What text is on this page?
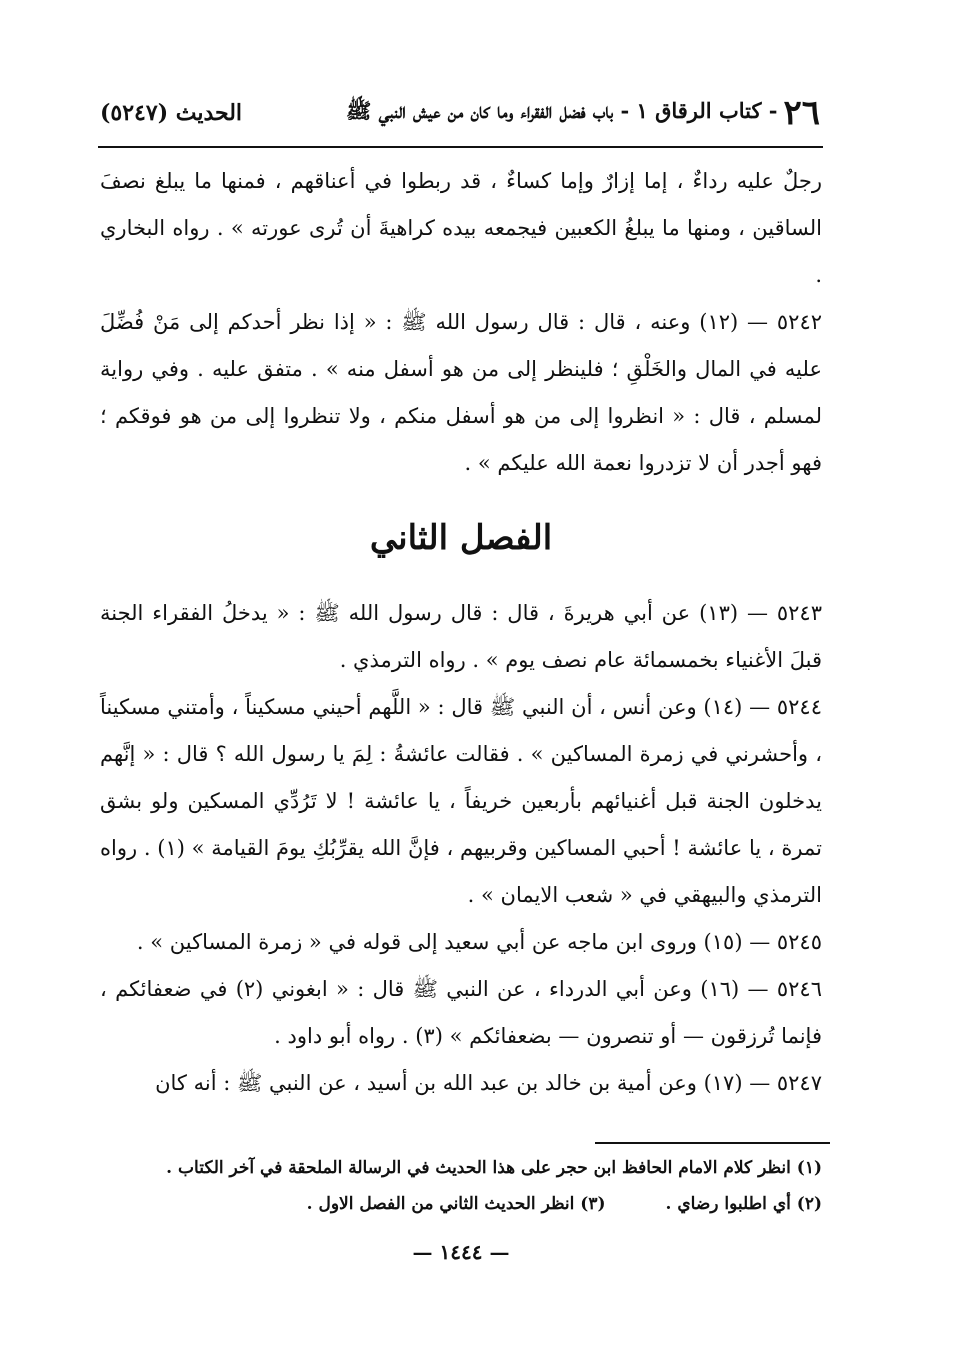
٢٦
- كتاب الرقاق ١ - باب فضل الفقراء وما كان من عيش النبي ﷺ
الحديث (٥٢٤٧)

رجلٌ عليه رداءٌ ، إما إزارٌ وإما كساءٌ ، قد ربطوا في أعناقهم ، فمنها ما يبلغ نصفَ الساقين ، ومنها ما يبلغُ الكعبين فيجمعه بيده كراهيةَ أن تُرى عورته » . رواه البخاري .

٥٢٤٢ — (١٢) وعنه ، قال : قال رسول الله ﷺ : « إذا نظر أحدكم إلى مَنْ فُضِّلَ عليه في المال والخَلْقِ ؛ فلينظر إلى من هو أسفل منه » . متفق عليه . وفي رواية لمسلم ، قال : « انظروا إلى من هو أسفل منكم ، ولا تنظروا إلى من هو فوقكم ؛ فهو أجدر أن لا تزدروا نعمة الله عليكم » .

الفصل الثاني

٥٢٤٣ — (١٣) عن أبي هريرةَ ، قال : قال رسول الله ﷺ : « يدخلُ الفقراء الجنة قبلَ الأغنياء بخمسمائة عام نصف يوم » . رواه الترمذي .

٥٢٤٤ — (١٤) وعن أنس ، أن النبي ﷺ قال : « اللَّهم أحيني مسكيناً ، وأمتني مسكيناً ، وأحشرني في زمرة المساكين » . فقالت عائشةُ : لِمَ يا رسول الله ؟ قال : « إنَّهم يدخلون الجنة قبل أغنيائهم بأربعين خريفاً ، يا عائشة ! لا تَرُدِّي المسكين ولو بشق تمرة ، يا عائشة ! أحبي المساكين وقربيهم ، فإنَّ الله يقرِّبُكِ يومَ القيامة » (١) . رواه الترمذي والبيهقي في « شعب الايمان » .

٥٢٤٥ — (١٥) وروى ابن ماجه عن أبي سعيد إلى قوله في « زمرة المساكين » .

٥٢٤٦ — (١٦) وعن أبي الدرداء ، عن النبي ﷺ قال : « ابغوني (٢) في ضعفائكم ، فإنما تُرزقون — أو تنصرون — بضعفائكم » (٣) . رواه أبو داود .

٥٢٤٧ — (١٧) وعن أمية بن خالد بن عبد الله بن أسيد ، عن النبي ﷺ : أنه كان

(١) انظر كلام الامام الحافظ ابن حجر على هذا الحديث في الرسالة الملحقة في آخر الكتاب .
(٢) أي اطلبوا رضاي .
(٣) انظر الحديث الثاني من الفصل الاول .
— ١٤٤٤ —
